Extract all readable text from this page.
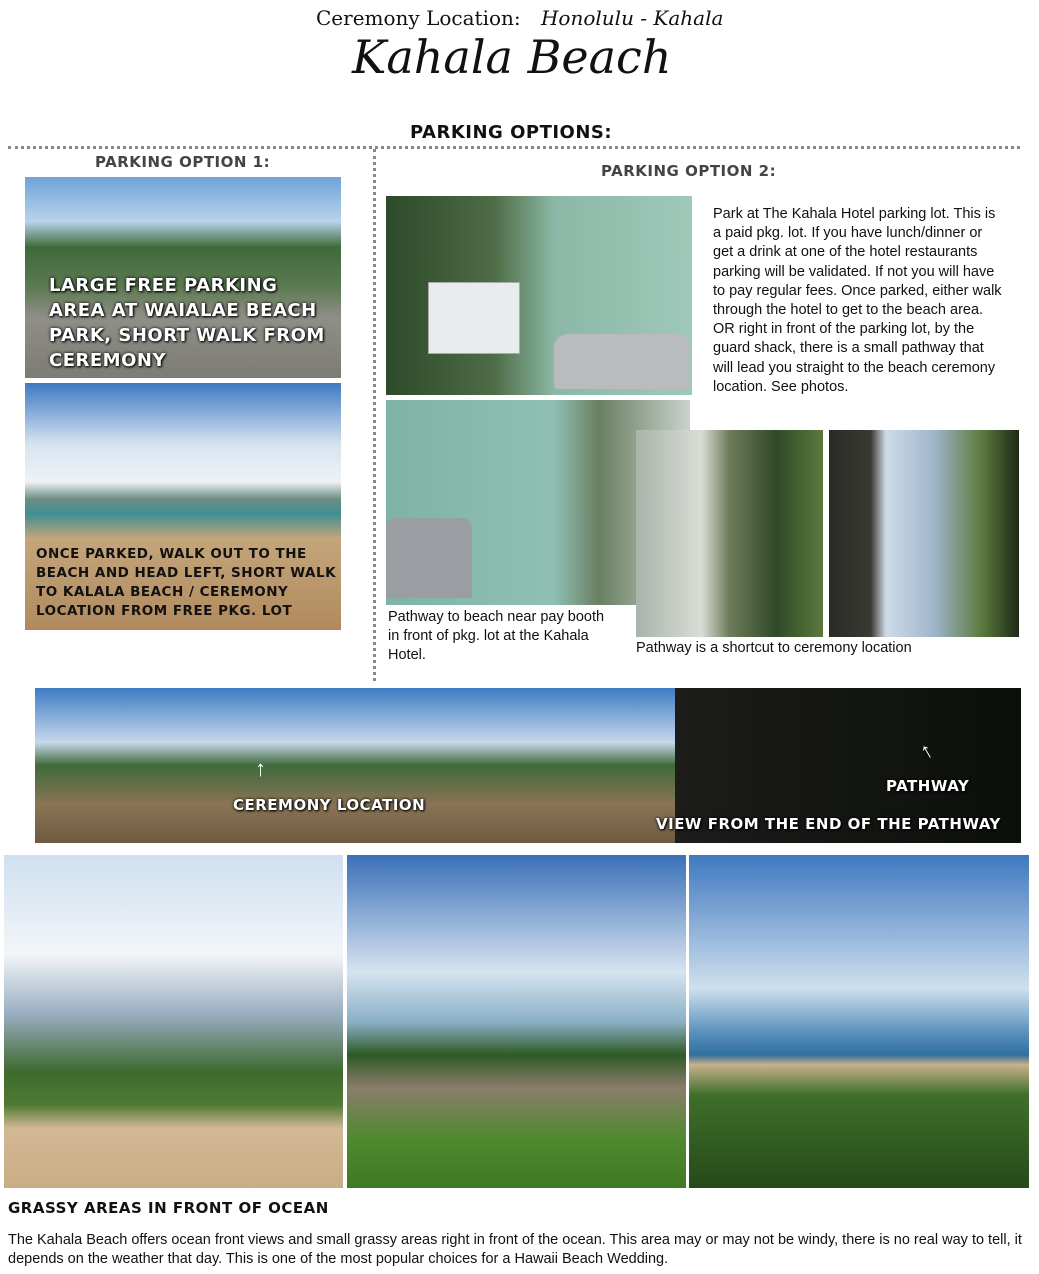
Ceremony Location: Honolulu - Kahala
Kahala Beach
PARKING OPTIONS:
PARKING OPTION 1:
LARGE FREE PARKING AREA AT WAIALAE BEACH PARK, SHORT WALK FROM CEREMONY
ONCE PARKED, WALK OUT TO THE BEACH AND HEAD LEFT, SHORT WALK TO KALALA BEACH / CEREMONY LOCATION FROM FREE PKG. LOT
PARKING OPTION 2:
Park at The Kahala Hotel parking lot. This is a paid pkg. lot. If you have lunch/dinner or get a drink at one of the hotel restaurants parking will be validated. If not you will have to pay regular fees. Once parked, either walk through the hotel to get to the beach area. OR right in front of the parking lot, by the guard shack, there is a small pathway that will lead you straight to the beach ceremony location. See photos.
Pathway to beach near pay booth in front of pkg. lot at the Kahala Hotel.	Pathway is a shortcut to ceremony location
↑
CEREMONY LOCATION
↑
PATHWAY
VIEW FROM THE END OF THE PATHWAY
GRASSY AREAS IN FRONT OF OCEAN
The Kahala Beach offers ocean front views and small grassy areas right in front of the ocean. This area may or may not be windy, there is no real way to tell, it depends on the weather that day. This is one of the most popular choices for a Hawaii Beach Wedding.
